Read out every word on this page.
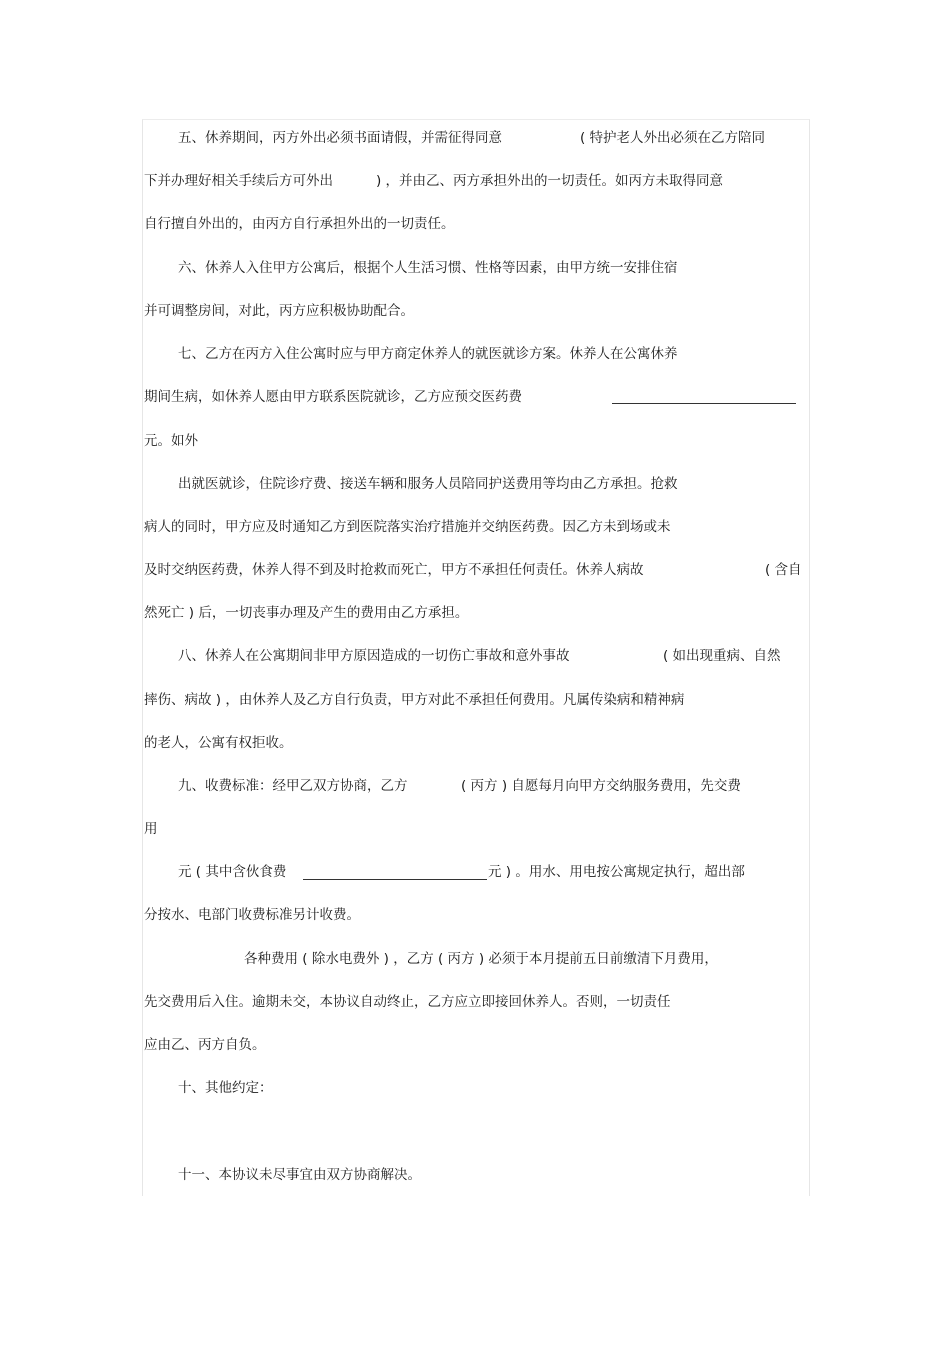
五、休养期间，丙方外出必须书面请假，并需征得同意	( 特护老人外出必须在乙方陪同
下并办理好相关手续后方可外出	) ，并由乙、丙方承担外出的一切责任。如丙方未取得同意
自行擅自外出的，由丙方自行承担外出的一切责任。
六、休养人入住甲方公寓后，根据个人生活习惯、性格等因素，由甲方统一安排住宿
并可调整房间，对此，丙方应积极协助配合。
七、乙方在丙方入住公寓时应与甲方商定休养人的就医就诊方案。休养人在公寓休养
期间生病，如休养人愿由甲方联系医院就诊，乙方应预交医药费
元。如外
出就医就诊，住院诊疗费、接送车辆和服务人员陪同护送费用等均由乙方承担。抢救
病人的同时，甲方应及时通知乙方到医院落实治疗措施并交纳医药费。因乙方未到场或未
及时交纳医药费，休养人得不到及时抢救而死亡，甲方不承担任何责任。休养人病故	( 含自
然死亡 ) 后，一切丧事办理及产生的费用由乙方承担。
八、休养人在公寓期间非甲方原因造成的一切伤亡事故和意外事故	( 如出现重病、自然
摔伤、病故 ) ，由休养人及乙方自行负责，甲方对此不承担任何费用。凡属传染病和精神病
的老人，公寓有权拒收。
九、收费标准：经甲乙双方协商，乙方	( 丙方 ) 自愿每月向甲方交纳服务费用，先交费
用
元 ( 其中含伙食费	元 ) 。用水、用电按公寓规定执行，超出部
分按水、电部门收费标准另计收费。
各种费用 ( 除水电费外 ) ，乙方 ( 丙方 ) 必须于本月提前五日前缴清下月费用，
先交费用后入住。逾期未交，本协议自动终止，乙方应立即接回休养人。否则，一切责任
应由乙、丙方自负。
十、其他约定：
十一、本协议未尽事宜由双方协商解决。
